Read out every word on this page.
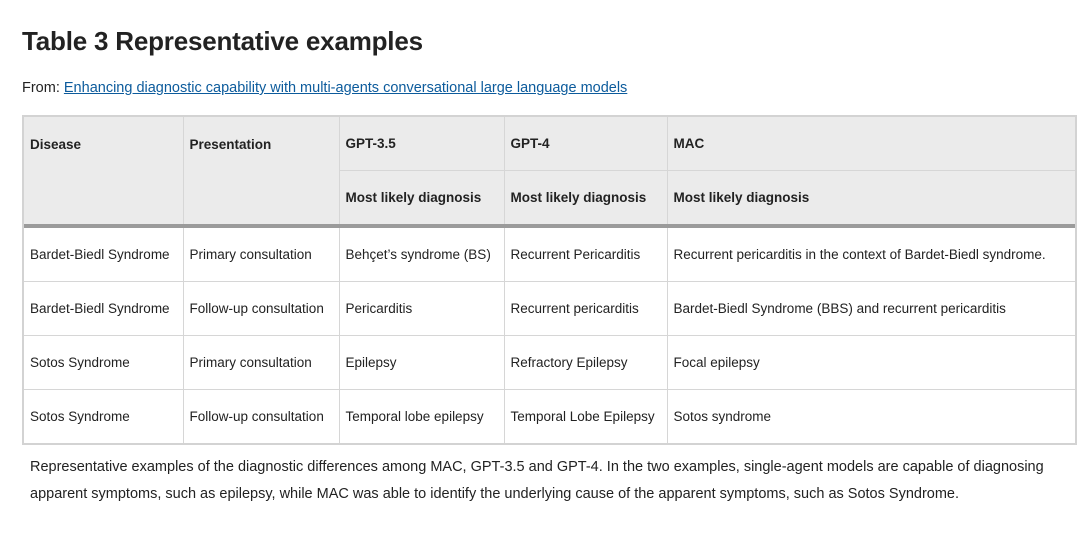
Table 3 Representative examples
From: Enhancing diagnostic capability with multi-agents conversational large language models
Disease	Presentation	GPT-3.5	GPT-4	MAC
		Most likely diagnosis	Most likely diagnosis	Most likely diagnosis
Bardet-Biedl Syndrome	Primary consultation	Behçet’s syndrome (BS)	Recurrent Pericarditis	Recurrent pericarditis in the context of Bardet-Biedl syndrome.
Bardet-Biedl Syndrome	Follow-up consultation	Pericarditis	Recurrent pericarditis	Bardet-Biedl Syndrome (BBS) and recurrent pericarditis
Sotos Syndrome	Primary consultation	Epilepsy	Refractory Epilepsy	Focal epilepsy
Sotos Syndrome	Follow-up consultation	Temporal lobe epilepsy	Temporal Lobe Epilepsy	Sotos syndrome

Representative examples of the diagnostic differences among MAC, GPT-3.5 and GPT-4. In the two examples, single-agent models are capable of diagnosing apparent symptoms, such as epilepsy, while MAC was able to identify the underlying cause of the apparent symptoms, such as Sotos Syndrome.
